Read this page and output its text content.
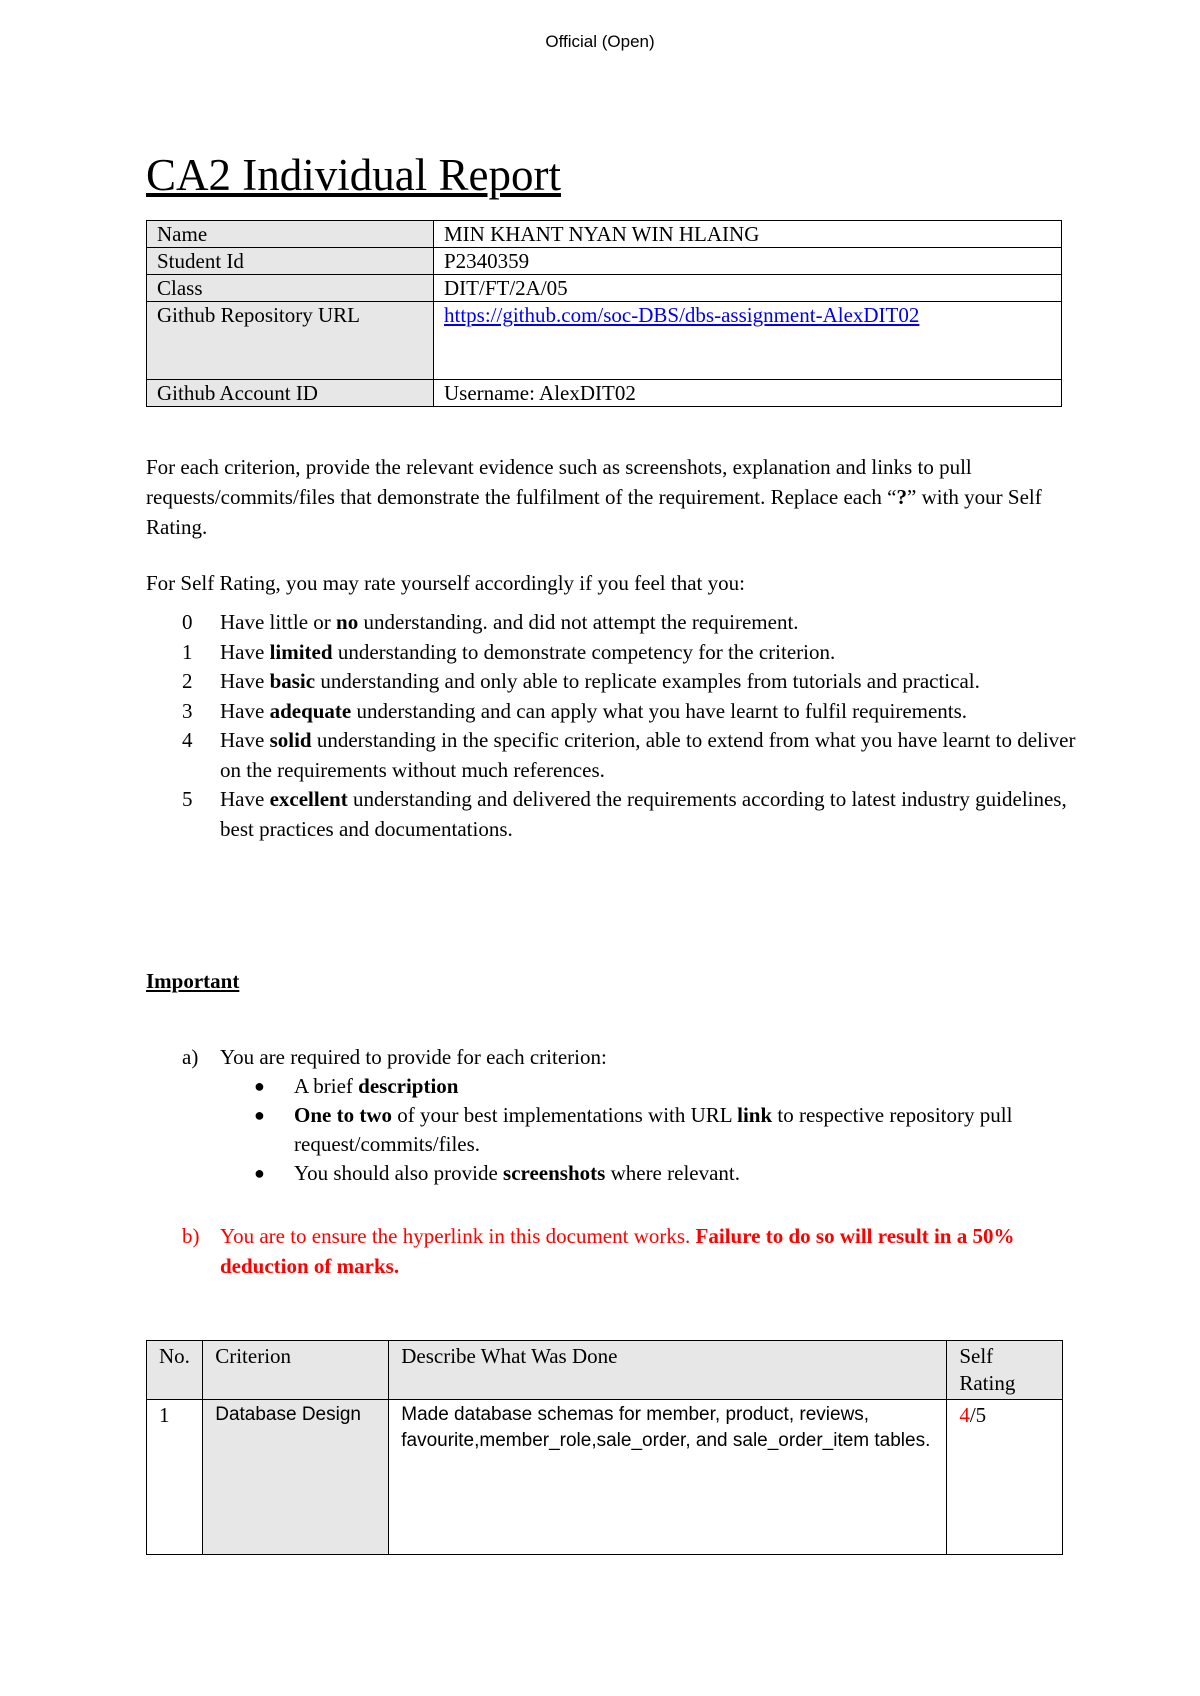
Official (Open)
CA2 Individual Report
Name	MIN KHANT NYAN WIN HLAING
Student Id	P2340359
Class	DIT/FT/2A/05
Github Repository URL	https://github.com/soc-DBS/dbs-assignment-AlexDIT02
Github Account ID	Username: AlexDIT02

For each criterion, provide the relevant evidence such as screenshots, explanation and links to pull requests/commits/files that demonstrate the fulfilment of the requirement. Replace each “?” with your Self Rating.

For Self Rating, you may rate yourself accordingly if you feel that you:

0 Have little or no understanding. and did not attempt the requirement.
1 Have limited understanding to demonstrate competency for the criterion.
2 Have basic understanding and only able to replicate examples from tutorials and practical.
3 Have adequate understanding and can apply what you have learnt to fulfil requirements.
4 Have solid understanding in the specific criterion, able to extend from what you have learnt to deliver on the requirements without much references.
5 Have excellent understanding and delivered the requirements according to latest industry guidelines, best practices and documentations.

Important

a) You are required to provide for each criterion:
● A brief description
● One to two of your best implementations with URL link to respective repository pull request/commits/files.
● You should also provide screenshots where relevant.
b) You are to ensure the hyperlink in this document works. Failure to do so will result in a 50% deduction of marks.
No.	Criterion	Describe What Was Done	Self Rating
1	Database Design	Made database schemas for member, product, reviews, favourite,member_role,sale_order, and sale_order_item tables.	4/5
